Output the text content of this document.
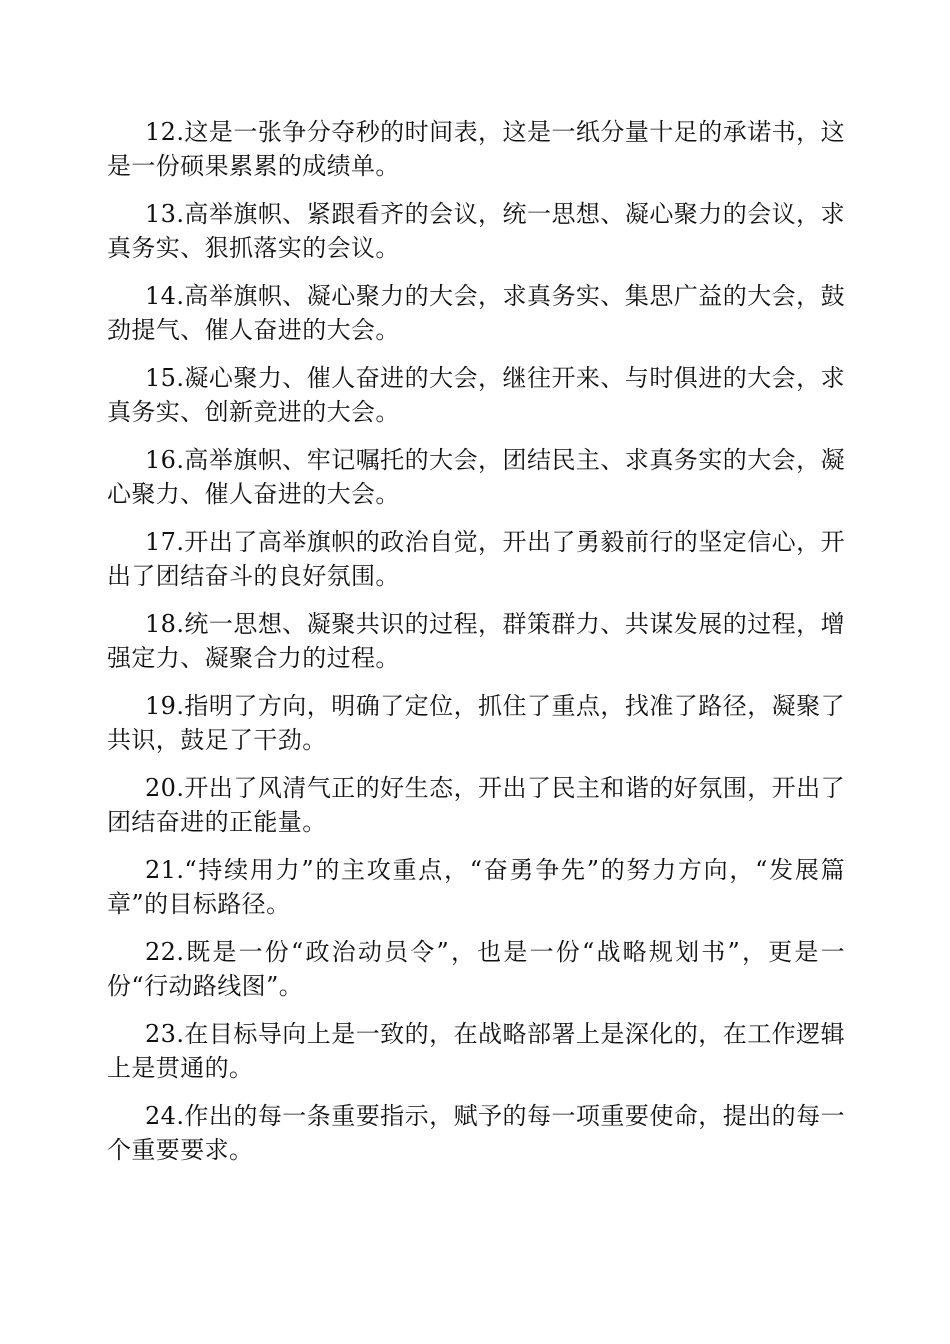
12.这是一张争分夺秒的时间表，这是一纸分量十足的承诺书，这是一份硕果累累的成绩单。

13.高举旗帜、紧跟看齐的会议，统一思想、凝心聚力的会议，求真务实、狠抓落实的会议。

14.高举旗帜、凝心聚力的大会，求真务实、集思广益的大会，鼓劲提气、催人奋进的大会。

15.凝心聚力、催人奋进的大会，继往开来、与时俱进的大会，求真务实、创新竞进的大会。

16.高举旗帜、牢记嘱托的大会，团结民主、求真务实的大会，凝心聚力、催人奋进的大会。

17.开出了高举旗帜的政治自觉，开出了勇毅前行的坚定信心，开出了团结奋斗的良好氛围。

18.统一思想、凝聚共识的过程，群策群力、共谋发展的过程，增强定力、凝聚合力的过程。

19.指明了方向，明确了定位，抓住了重点，找准了路径，凝聚了共识，鼓足了干劲。

20.开出了风清气正的好生态，开出了民主和谐的好氛围，开出了团结奋进的正能量。

21.“持续用力”的主攻重点，“奋勇争先”的努力方向，“发展篇章”的目标路径。

22.既是一份“政治动员令”，也是一份“战略规划书”，更是一份“行动路线图”。

23.在目标导向上是一致的，在战略部署上是深化的，在工作逻辑上是贯通的。

24.作出的每一条重要指示，赋予的每一项重要使命，提出的每一个重要要求。
